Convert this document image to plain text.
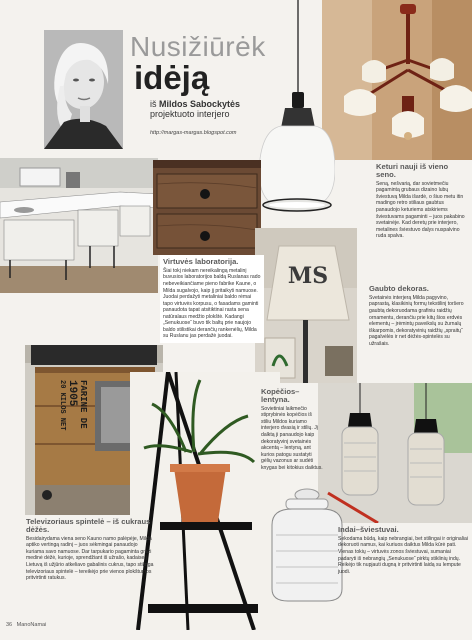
Nusižiūrėk
idėją
iš Mildos Sabockytės
projektuoto interjero
http://margas-margas.blogspot.com
MS
FARINE DE
1905
20 KILOS NET
Keturi nauji iš vieno seno.

Seną, nešvarią, dar sovietmečiu pagamintą grubaus dizaino lubų šviestuvą Milda išardė, o šiuo metu itin madingo retro stiliaus gaubtus panaudojo keturiems atskiriems šviestuvams pagaminti – juos pakabino svetainėje. Kad deretų prie interjero, metalines šviestuvo dalys nuspalvino ruda spalva.

Virtuvės laboratorija.

Šiai tokį niekam nereikalingą metalinį buvusios laboratorijos baldą Ruslanas rado nebeveikiančiame pieno fabrike Kaune, o Milda sugalvojo, kaip jį pritaikyti namuose. Juodai perdažyti metaliniai baldo rėmai tapo virtuvės korpusu, o fasadams gaminti panaudota tapat atsitiktinai rasta sena natūralaus medžio plokštė. Kadangi „Senukuose“ buvo tik baltų prie naujojo baldo stilistikai derančių rankenėlių, Milda su Ruslanu jas perdažė juodai.

Gaubto dekoras.

Svetainės interjerą Milda pagyvino, paprastą, klasikinių formų tekstilinį toršero gaubtą dekoruodama grafiniu raidžių ornamentu, derančiu prie kitų šios erdvės elementų – įrėmintų paveikslų su žurnalų iškarpomis, dekoratyvinių raidžių „spraitų“ pagalvėlės ir net dėžės-spintelės su užrašais.

Kopėčios–lentyna.

Sovietiniai laikmečio stiprybinės kopėčios iš stiliu Mildos kuriamo interjero dvasią ir stilių. Jį dalktą ji panaudojo kaip dekoratyvinį svetainės akcentą – lentyną, ant kurios patogu sustatyti gėlių vazonus ar sudėti knygas bei kitokius daiktus.

Televizoriaus spintelė – iš cukraus dėžės.

Besidairydama viena seno Kauno namo palėpėje, Milda aptiko vertingą radinį – juos sėkmingai panaudojo kuriama savo namuose. Dar tarpukario pagaminta graži medinė dėžė, kurioje, sprendžiant iš užrašo, kadaise į Lietuvą iš užjūrio atkeliavo gabalinis cukrus, tapo stilinga televizoriaus spintelė – tereikėjo prie vienos plokštumos pritvirtinti ratukus.

Indai–šviestuvai.

Sekodama būdą, kaip nebrangiai, bet stilingai ir originaliai dekoruoti namus, kai kuriuos daiktus Milda kūrė pati. Vienas tokių – virtuvės zonos šviestuvai, sumaniai padaryti iš nebrangių „Senukuose“ pirktų stiklinių indų. Reikėjo tik nupjauti dugną ir pritvirtinti laidą su lempute juodi.

36 ManoNamai
